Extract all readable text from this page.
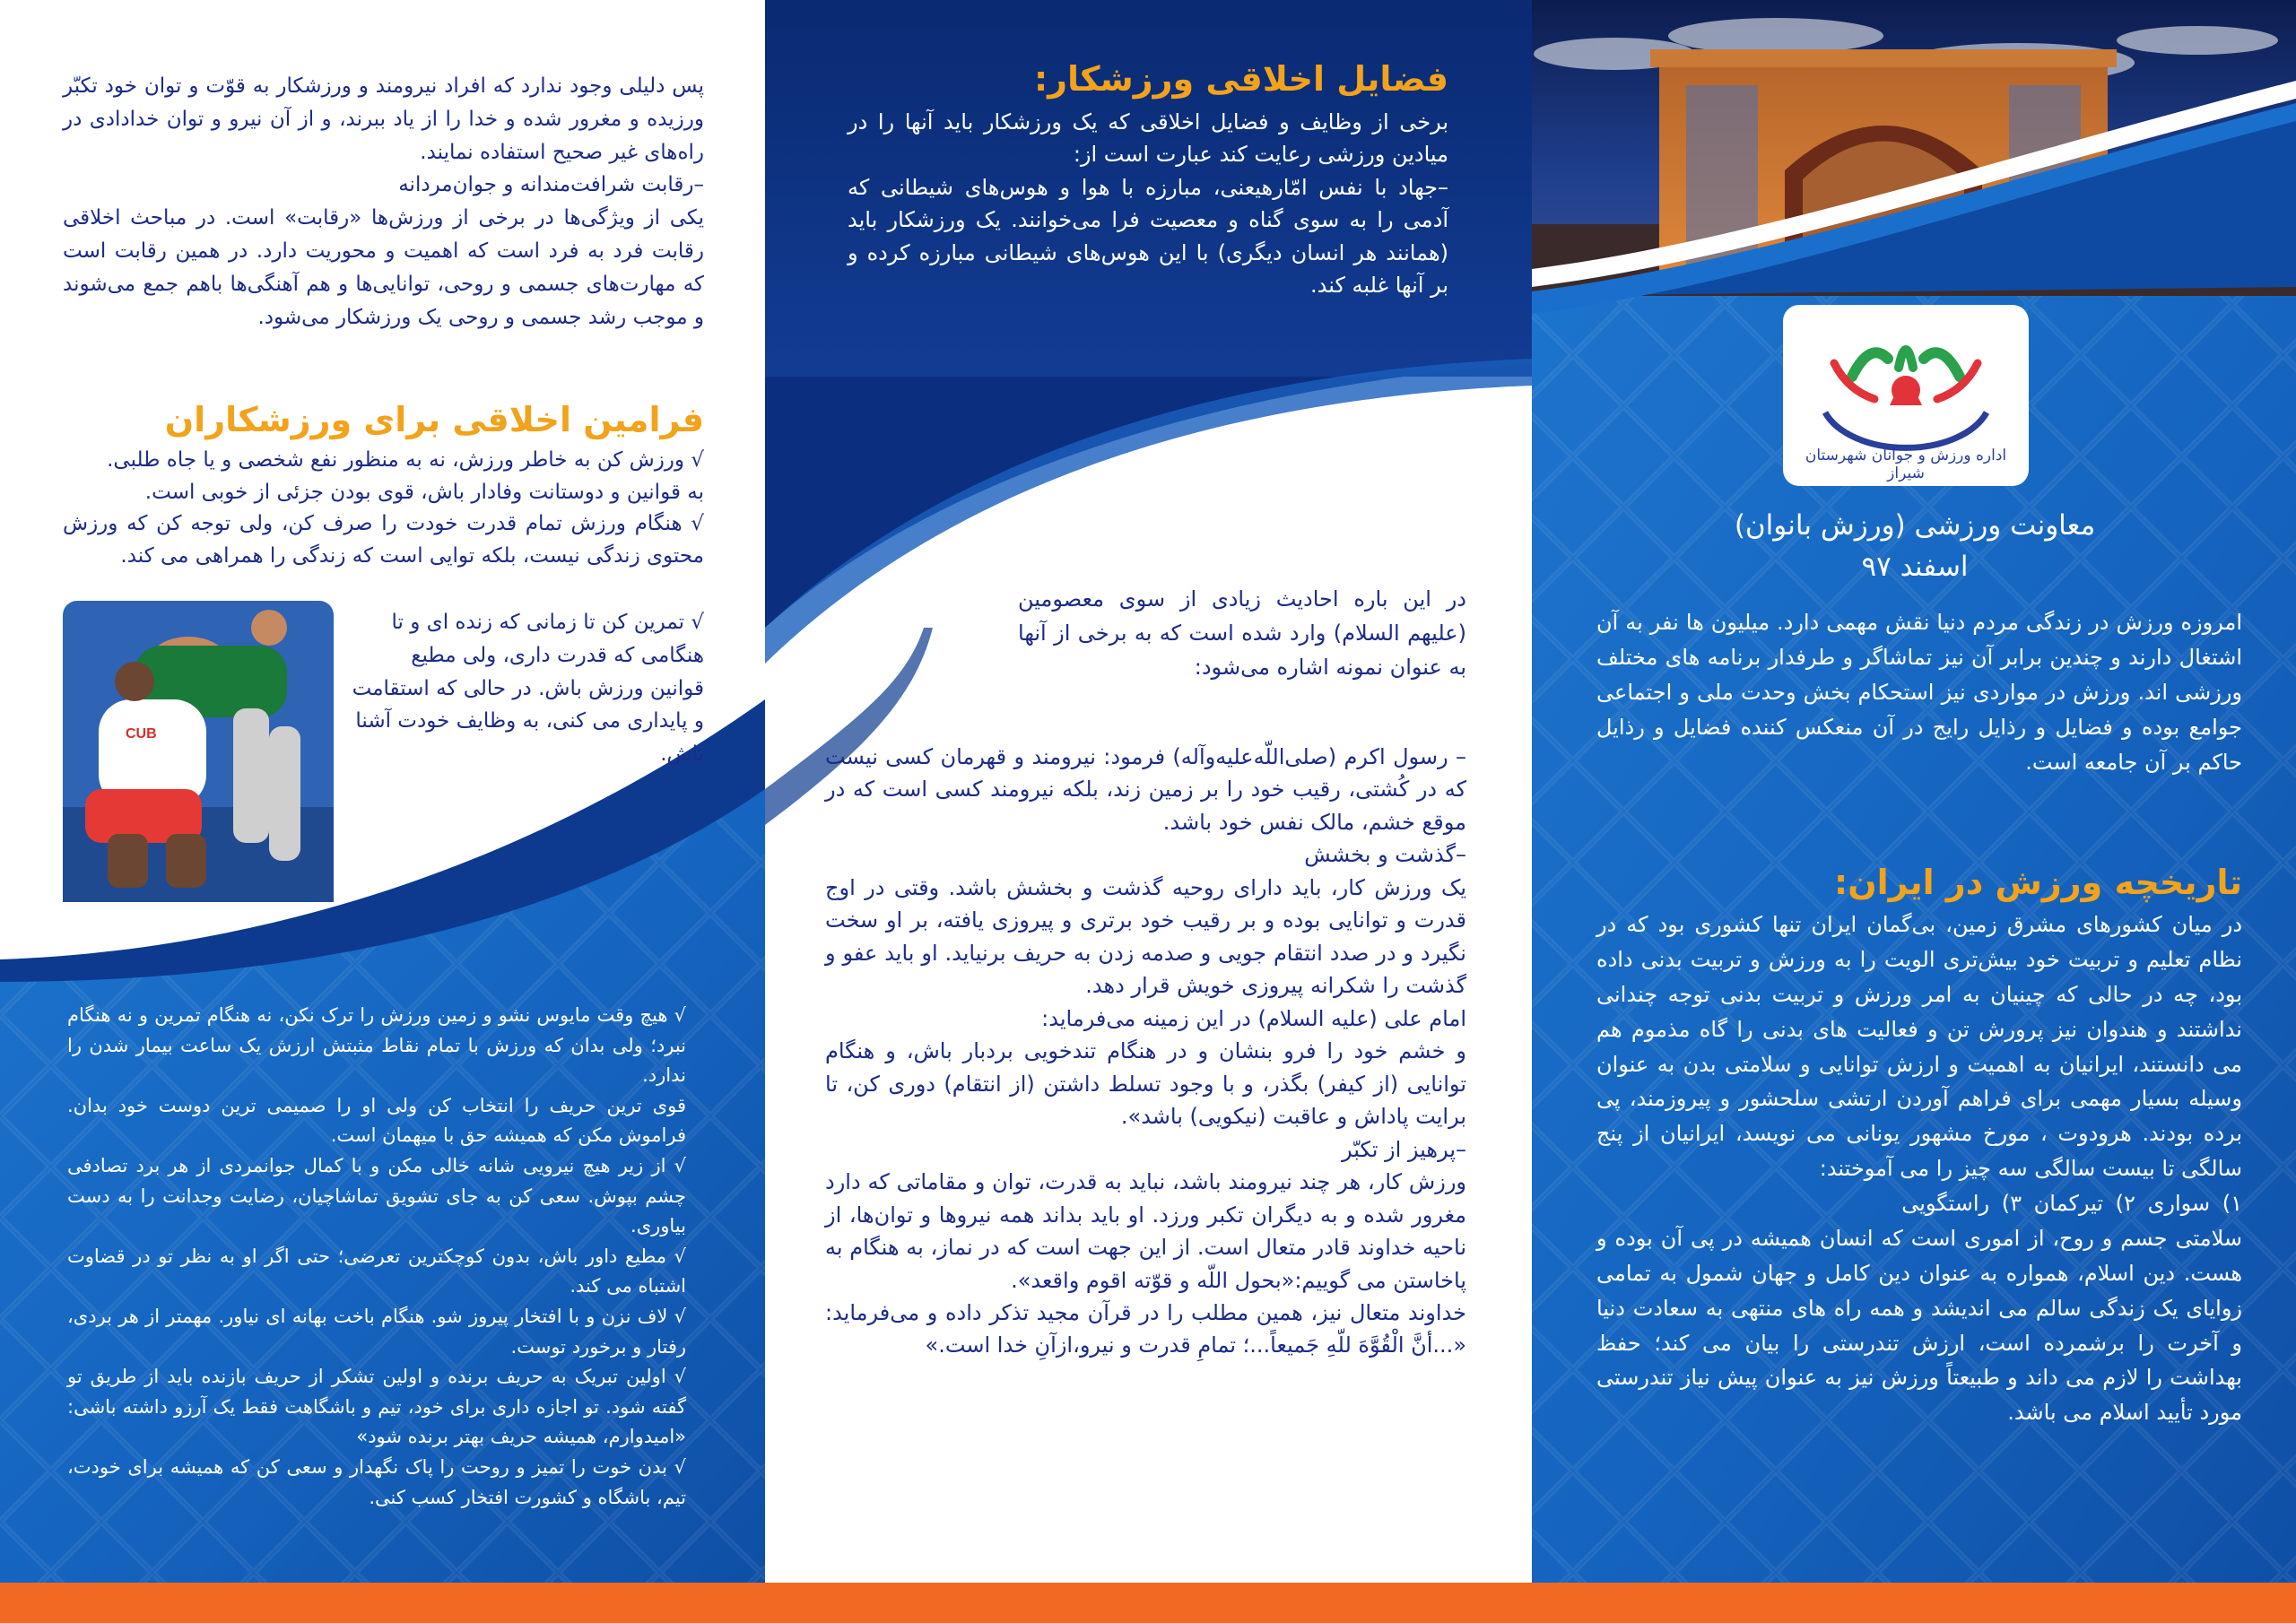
CUB
اداره ورزش و جوانان شهرستان شیراز
معاونت ورزشی (ورزش بانوان)
اسفند ۹۷

امروزه ورزش در زندگی مردم دنیا نقش مهمی دارد. میلیون ها نفر به آن اشتغال دارند و چندین برابر آن نیز تماشاگر و طرفدار برنامه های مختلف ورزشی اند. ورزش در مواردی نیز استحکام بخش وحدت ملی و اجتماعی جوامع بوده و فضایل و رذایل رایج در آن منعکس کننده فضایل و رذایل حاکم بر آن جامعه است.

تاریخچه ورزش در ایران:

در میان کشورهای مشرق زمین، بی‌گمان ایران تنها کشوری بود که در نظام تعلیم و تربیت خود بیش‌تری الویت را به ورزش و تربیت بدنی داده بود، چه در حالی که چینیان به امر ورزش و تربیت بدنی توجه چندانی نداشتند و هندوان نیز پرورش تن و فعالیت های بدنی را گاه مذموم هم می دانستند، ایرانیان به اهمیت و ارزش توانایی و سلامتی بدن به عنوان وسیله بسیار مهمی برای فراهم آوردن ارتشی سلحشور و پیروزمند، پی برده بودند. هرودوت ، مورخ مشهور یونانی می نویسد، ایرانیان از پنج سالگی تا بیست سالگی سه چیز را می آموختند:

۱) سواری ۲) تیرکمان ۳) راستگویی

سلامتی جسم و روح، از اموری است که انسان همیشه در پی آن بوده و هست. دین اسلام، همواره به عنوان دین کامل و جهان شمول به تمامی زوایای یک زندگی سالم می اندیشد و همه راه های منتهی به سعادت دنیا و آخرت را برشمرده است، ارزش تندرستی را بیان می کند؛ حفظ بهداشت را لازم می داند و طبیعتاً ورزش نیز به عنوان پیش نیاز تندرستی مورد تأیید اسلام می باشد.

فضایل اخلاقی ورزشکار:

برخی از وظایف و فضایل اخلاقی که یک ورزشکار باید آنها را در میادین ورزشی رعایت کند عبارت است از:

–جهاد با نفس امّارهیعنی، مبارزه با هوا و هوس‌های شیطانی که آدمی را به سوی گناه و معصیت فرا می‌خوانند. یک ورزشکار باید (همانند هر انسان دیگری) با این هوس‌های شیطانی مبارزه کرده و بر آنها غلبه کند.

در این باره احادیث زیادی از سوی معصومین (علیهم السلام) وارد شده است که به برخی از آنها به عنوان نمونه اشاره می‌شود:

– رسول اکرم (صلی‌اللّه‌علیه‌وآله) فرمود: نیرومند و قهرمان کسی نیست که در کُشتی، رقیب خود را بر زمین زند، بلکه نیرومند کسی است که در موقع خشم، مالک نفس خود باشد.

–گذشت و بخشش

یک ورزش کار، باید دارای روحیه گذشت و بخشش باشد. وقتی در اوج قدرت و توانایی بوده و بر رقیب خود برتری و پیروزی یافته، بر او سخت نگیرد و در صدد انتقام جویی و صدمه زدن به حریف برنیاید. او باید عفو و گذشت را شکرانه پیروزی خویش قرار دهد.

امام علی (علیه السلام) در این زمینه می‌فرماید:

و خشم خود را فرو بنشان و در هنگام تندخویی بردبار باش، و هنگام توانایی (از کیفر) بگذر، و با وجود تسلط داشتن (از انتقام) دوری کن، تا برایت پاداش و عاقبت (نیکویی) باشد».

–پرهیز از تکبّر

ورزش کار، هر چند نیرومند باشد، نباید به قدرت، توان و مقاماتی که دارد مغرور شده و به دیگران تکبر ورزد. او باید بداند همه نیروها و توان‌ها، از ناحیه خداوند قادر متعال است. از این جهت است که در نماز، به هنگام به پاخاستن می گوییم:«بحول اللّه و قوّته اقوم واقعد».

خداوند متعال نیز، همین مطلب را در قرآن مجید تذکر داده و می‌فرماید: «...أنَّ الْقُوَّهَ للّهِ جَمیعاً...؛ تمامِ قدرت و نیرو،ازآنِ خدا است.»

پس دلیلی وجود ندارد که افراد نیرومند و ورزشکار به قوّت و توان خود تکبّر ورزیده و مغرور شده و خدا را از یاد ببرند، و از آن نیرو و توان خدادادی در راه‌های غیر صحیح استفاده نمایند.

–رقابت شرافت‌مندانه و جوان‌مردانه

یکی از ویژگی‌ها در برخی از ورزش‌ها «رقابت» است. در مباحث اخلاقی رقابت فرد به فرد است که اهمیت و محوریت دارد. در همین رقابت است که مهارت‌های جسمی و روحی، توانایی‌ها و هم آهنگی‌ها باهم جمع می‌شوند و موجب رشد جسمی و روحی یک ورزشکار می‌شود.

فرامین اخلاقی برای ورزشکاران

√ ورزش کن به خاطر ورزش، نه به منظور نفع شخصی و یا جاه طلبی.

به قوانین و دوستانت وفادار باش، قوی بودن جزئی از خوبی است.

√ هنگام ورزش تمام قدرت خودت را صرف کن، ولی توجه کن که ورزش محتوی زندگی نیست، بلکه توایی است که زندگی را همراهی می کند.

√ تمرین کن تا زمانی که زنده ای و تا هنگامی که قدرت داری، ولی مطیع قوانین ورزش باش. در حالی که استقامت و پایداری می کنی، به وظایف خودت آشنا باش.

√ هیچ وقت مایوس نشو و زمین ورزش را ترک نکن، نه هنگام تمرین و نه هنگام نبرد؛ ولی بدان که ورزش با تمام نقاط مثبتش ارزش یک ساعت بیمار شدن را ندارد.

قوی ترین حریف را انتخاب کن ولی او را صمیمی ترین دوست خود بدان. فراموش مکن که همیشه حق با میهمان است.

√ از زیر هیچ نیرویی شانه خالی مکن و با کمال جوانمردی از هر برد تصادفی چشم بپوش. سعی کن به جای تشویق تماشاچیان، رضایت وجدانت را به دست بیاوری.

√ مطیع داور باش، بدون کوچکترین تعرضی؛ حتی اگر او به نظر تو در قضاوت اشتباه می کند.

√ لاف نزن و با افتخار پیروز شو. هنگام باخت بهانه ای نیاور. مهمتر از هر بردی، رفتار و برخورد توست.

√ اولین تبریک به حریف برنده و اولین تشکر از حریف بازنده باید از طریق تو گفته شود. تو اجازه داری برای خود، تیم و باشگاهت فقط یک آرزو داشته باشی: «امیدوارم، همیشه حریف بهتر برنده شود»

√ بدن خوت را تمیز و روحت را پاک نگهدار و سعی کن که همیشه برای خودت، تیم، باشگاه و کشورت افتخار کسب کنی.
